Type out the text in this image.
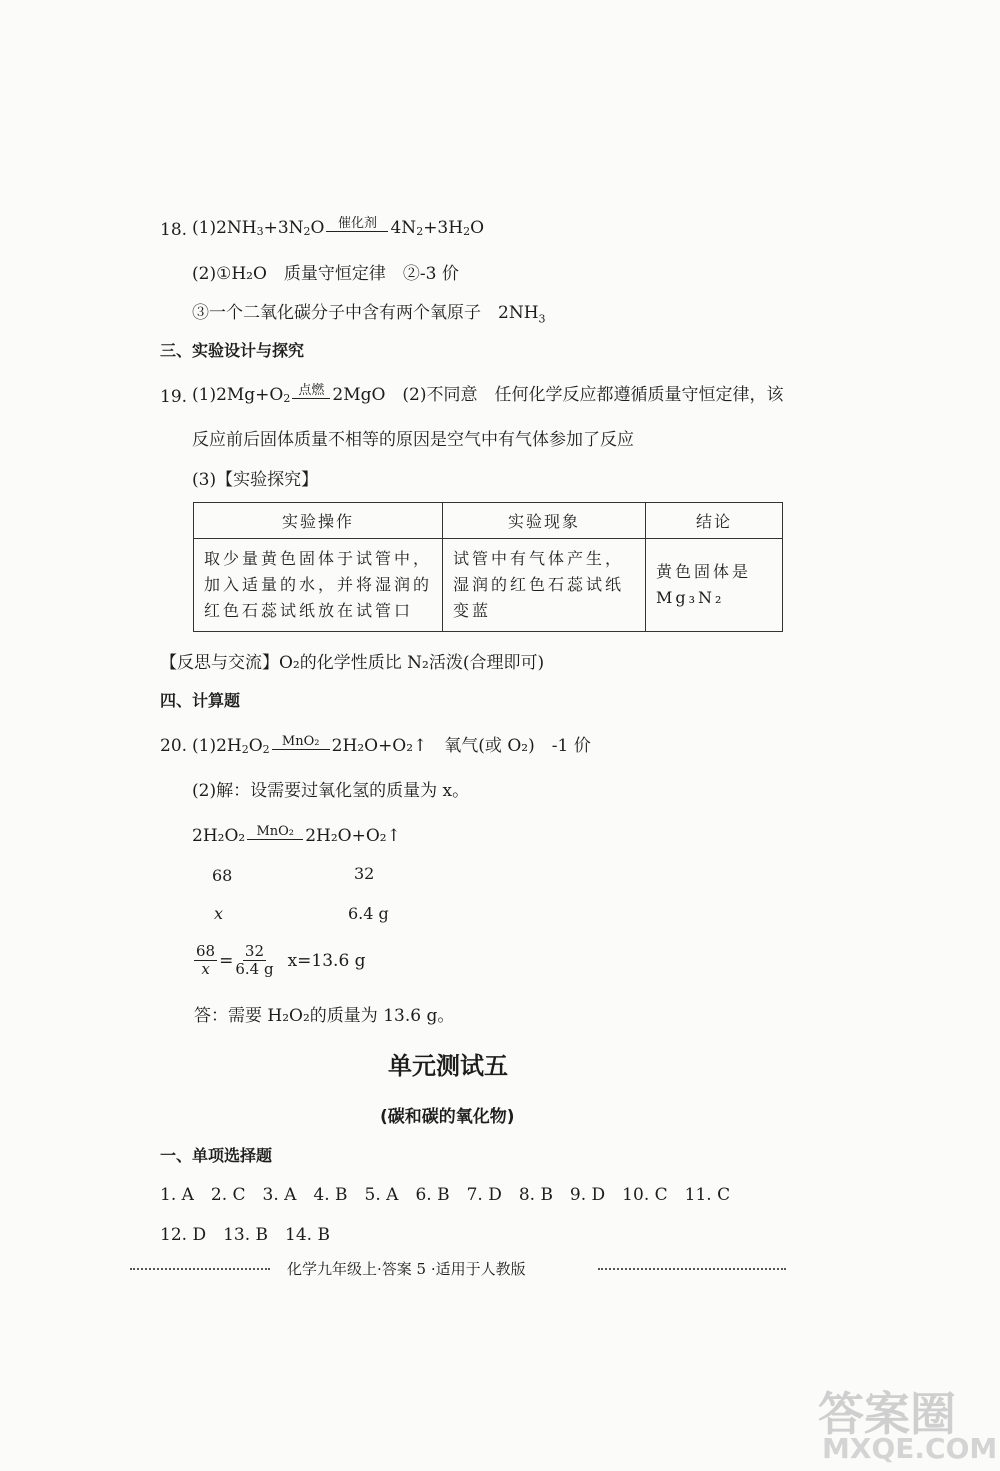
18. $(1)2NH_3 +3N_2$ O	催化剂 $4N_2 +3H_2$ O
(2)①H₂O　质量守恒定律　②-3 价
③一个二氧化碳分子中含有两个氧原子　$2NH_3$
三、实验设计与探究
19. $(1)2Mg+O_2$
点燃 2MgO　(2)不同意　任何化学反应都遵循质量守恒定律，该
反应前后固体质量不相等的原因是空气中有气体参加了反应
(3)【实验探究】
实验操作	实验现象	结论
取少量黄色固体于试管中，加入适量的水，并将湿润的红色石蕊试纸放在试管口	试管中有气体产生，湿润的红色石蕊试纸变蓝	黄色固体是Mg₃N₂
【反思与交流】O₂的化学性质比 N₂活泼(合理即可)
四、计算题
20. $(1)2H_2$ $O_2$
MnO₂ 2H₂O+O₂↑　氧气(或 O₂)　-1 价
(2)解：设需要过氧化氢的质量为 x。
2H₂O₂ MnO₂ 2H₂O+O₂↑
68	32
x	6.4 g
$\frac{68}{x} = \frac{32}{6.4 g} x=13.6$ g
答：需要 H₂O₂的质量为 13.6 g。
单元测试五
(碳和碳的氧化物)
一、单项选择题
1. A　2. C　3. A　4. B　5. A　6. B　7. D　8. B　9. D　10. C　11. C
12. D　13. B　14. B
化学九年级上·答案 5 ·适用于人教版
答案圈
MXQE.COM
